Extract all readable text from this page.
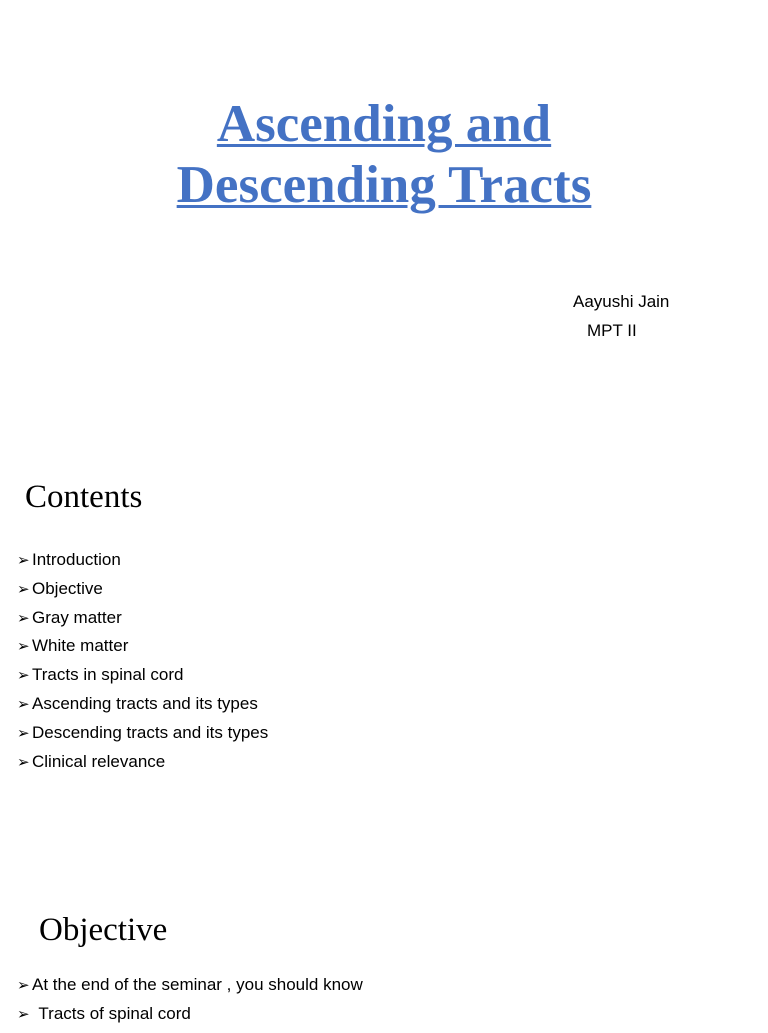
Ascending and
Descending Tracts

Aayushi Jain

MPT II

Contents
➢ Introduction
➢ Objective
➢ Gray matter
➢ White matter
➢ Tracts in spinal cord
➢ Ascending tracts and its types
➢ Descending tracts and its types
➢ Clinical relevance
Objective
➢ At the end of the seminar , you should know
➢ Tracts of spinal cord
